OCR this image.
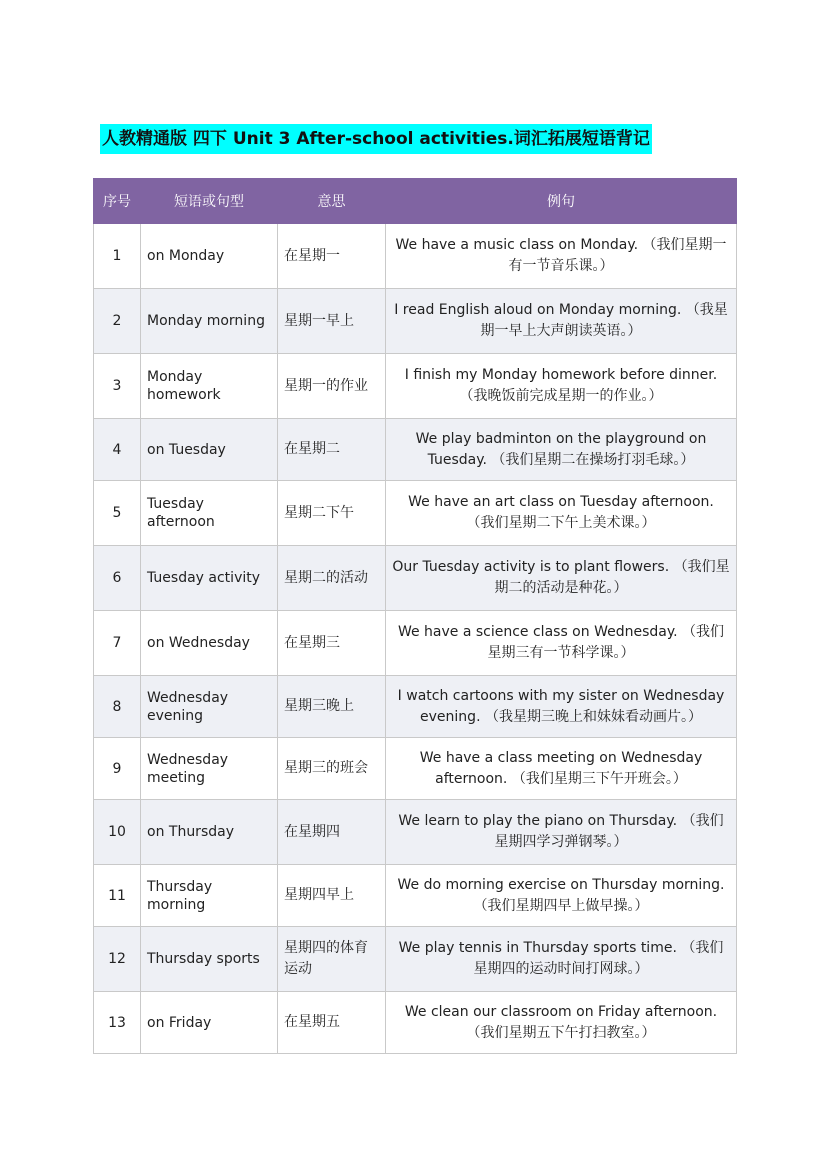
人教精通版 四下 Unit 3 After-school activities.词汇拓展短语背记
序号	短语或句型	意思	例句
1	on Monday	在星期一	We have a music class on Monday. （我们星期一有一节音乐课。）
2	Monday morning	星期一早上	I read English aloud on Monday morning. （我星期一早上大声朗读英语。）
3	Monday homework	星期一的作业	I finish my Monday homework before dinner. （我晚饭前完成星期一的作业。）
4	on Tuesday	在星期二	We play badminton on the playground on Tuesday. （我们星期二在操场打羽毛球。）
5	Tuesday afternoon	星期二下午	We have an art class on Tuesday afternoon. （我们星期二下午上美术课。）
6	Tuesday activity	星期二的活动	Our Tuesday activity is to plant flowers. （我们星期二的活动是种花。）
7	on Wednesday	在星期三	We have a science class on Wednesday. （我们星期三有一节科学课。）
8	Wednesday evening	星期三晚上	I watch cartoons with my sister on Wednesday evening. （我星期三晚上和妹妹看动画片。）
9	Wednesday meeting	星期三的班会	We have a class meeting on Wednesday afternoon. （我们星期三下午开班会。）
10	on Thursday	在星期四	We learn to play the piano on Thursday. （我们星期四学习弹钢琴。）
11	Thursday morning	星期四早上	We do morning exercise on Thursday morning. （我们星期四早上做早操。）
12	Thursday sports	星期四的体育运动	We play tennis in Thursday sports time. （我们星期四的运动时间打网球。）
13	on Friday	在星期五	We clean our classroom on Friday afternoon. （我们星期五下午打扫教室。）
